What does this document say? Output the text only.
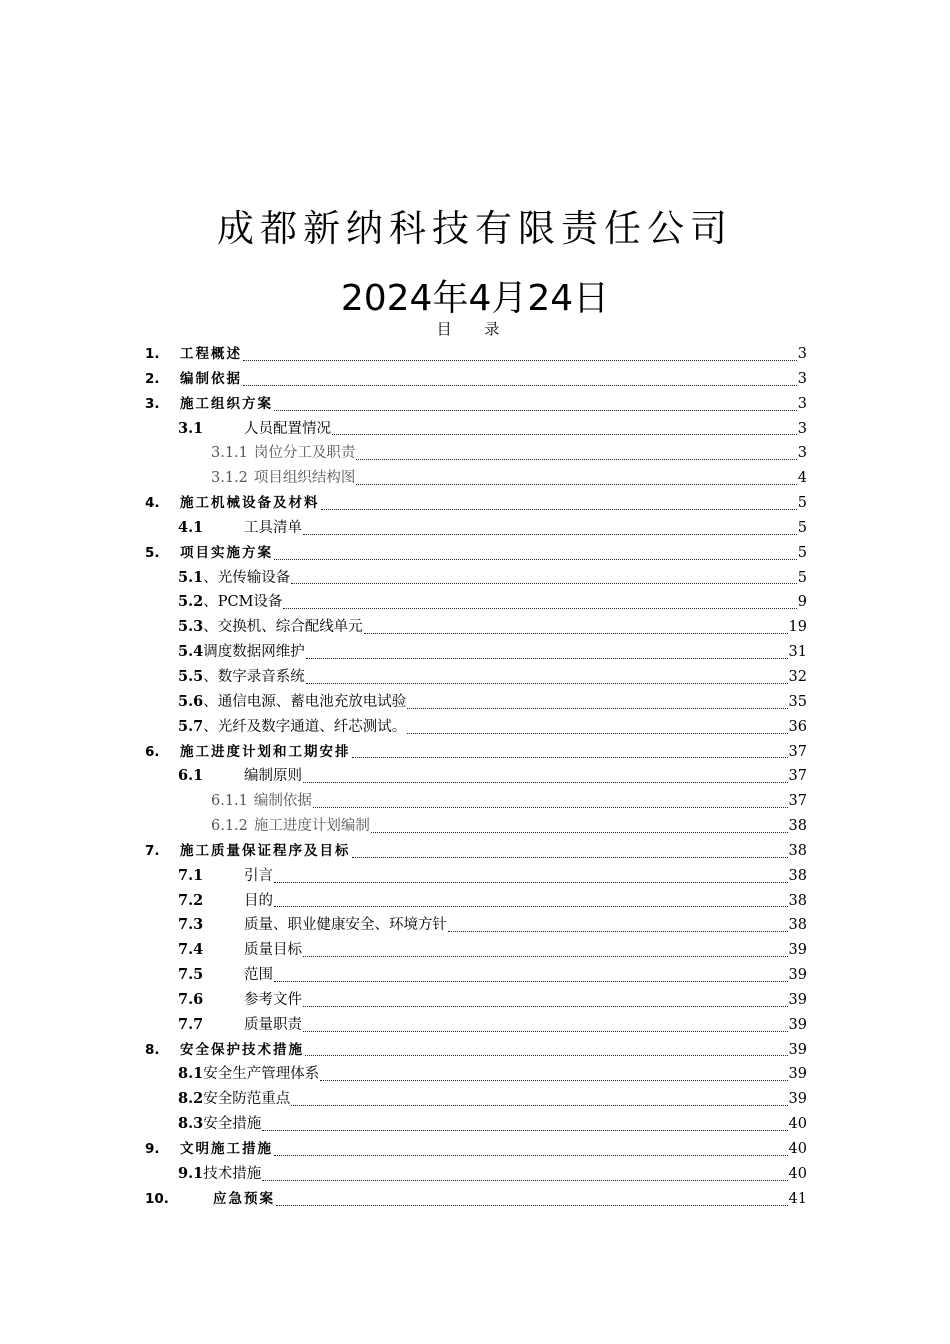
成都新纳科技有限责任公司
2024年4月24日
目 录
1.	工程概述	3
2.	编制依据	3
3.	施工组织方案	3
3.1	人员配置情况	3
3.1.1 岗位分工及职责	3
3.1.2 项目组织结构图	4
4.	施工机械设备及材料	5
4.1	工具清单	5
5.	项目实施方案	5
5.1 、光传输设备	5
5.2 、PCM设备	9
5.3 、交换机、综合配线单元	19
5.4 调度数据网维护	31
5.5 、数字录音系统	32
5.6 、通信电源、蓄电池充放电试验	35
5.7 、光纤及数字通道、纤芯测试。	36
6.	施工进度计划和工期安排	37
6.1	编制原则	37
6.1.1 编制依据	37
6.1.2 施工进度计划编制	38
7.	施工质量保证程序及目标	38
7.1	引言	38
7.2	目的	38
7.3	质量、职业健康安全、环境方针	38
7.4	质量目标	39
7.5	范围	39
7.6	参考文件	39
7.7	质量职责	39
8.	安全保护技术措施	39
8.1 安全生产管理体系	39
8.2 安全防范重点	39
8.3 安全措施	40
9.	文明施工措施	40
9.1 技术措施	40
10.	应急预案	41
